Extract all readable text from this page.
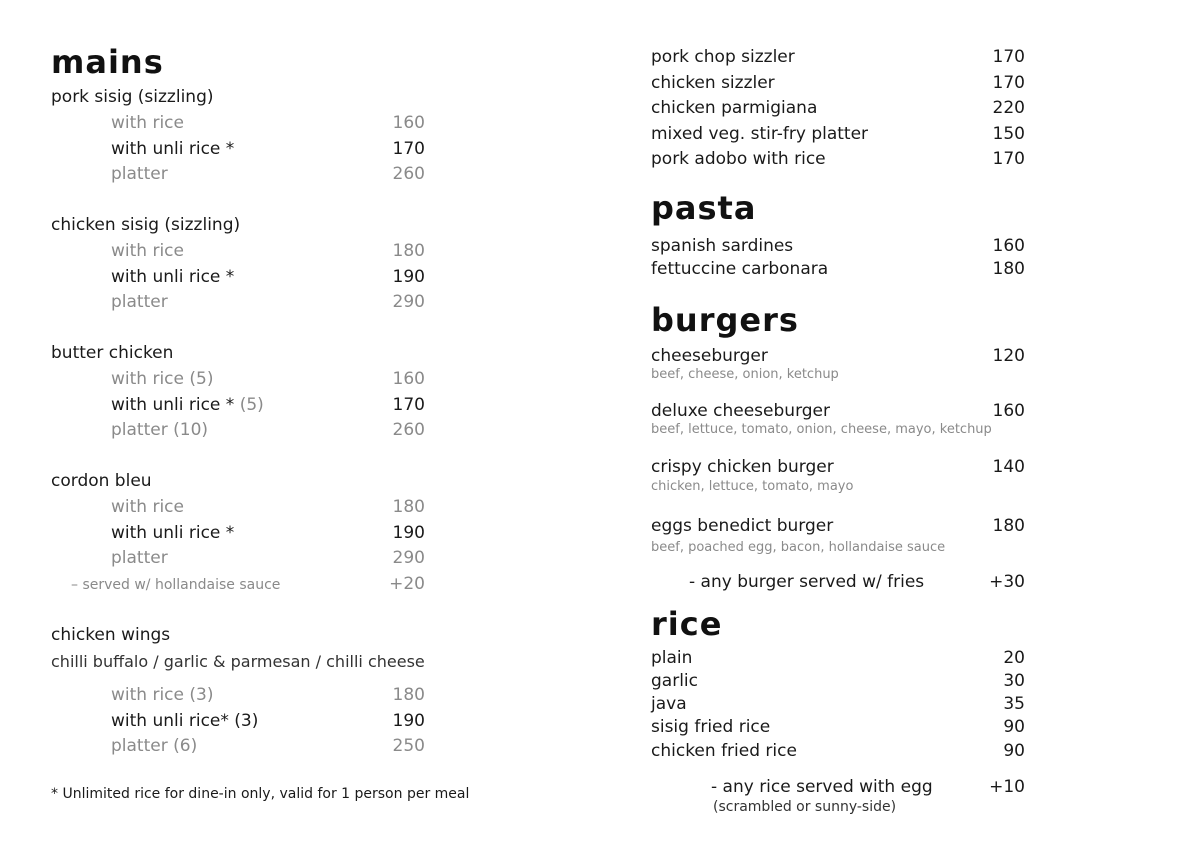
mains
pork sisig (sizzling)
with rice	160
with unli rice *	170
platter	260
chicken sisig (sizzling)
with rice	180
with unli rice *	190
platter	290
butter chicken
with rice (5)	160
with unli rice * (5)	170
platter (10)	260
cordon bleu
with rice	180
with unli rice *	190
platter	290
– served w/ hollandaise sauce	+20
chicken wings
chilli buffalo / garlic & parmesan / chilli cheese
with rice (3)	180
with unli rice* (3)	190
platter (6)	250
* Unlimited rice for dine-in only, valid for 1 person per meal
pork chop sizzler	170
chicken sizzler	170
chicken parmigiana	220
mixed veg. stir-fry platter	150
pork adobo with rice	170
pasta
spanish sardines	160
fettuccine carbonara	180
burgers
cheeseburger	120
beef, cheese, onion, ketchup
deluxe cheeseburger	160
beef, lettuce, tomato, onion, cheese, mayo, ketchup
crispy chicken burger	140
chicken, lettuce, tomato, mayo
eggs benedict burger	180
beef, poached egg, bacon, hollandaise sauce
- any burger served w/ fries	+30
rice
plain	20
garlic	30
java	35
sisig fried rice	90
chicken fried rice	90
- any rice served with egg	+10
(scrambled or sunny-side)
